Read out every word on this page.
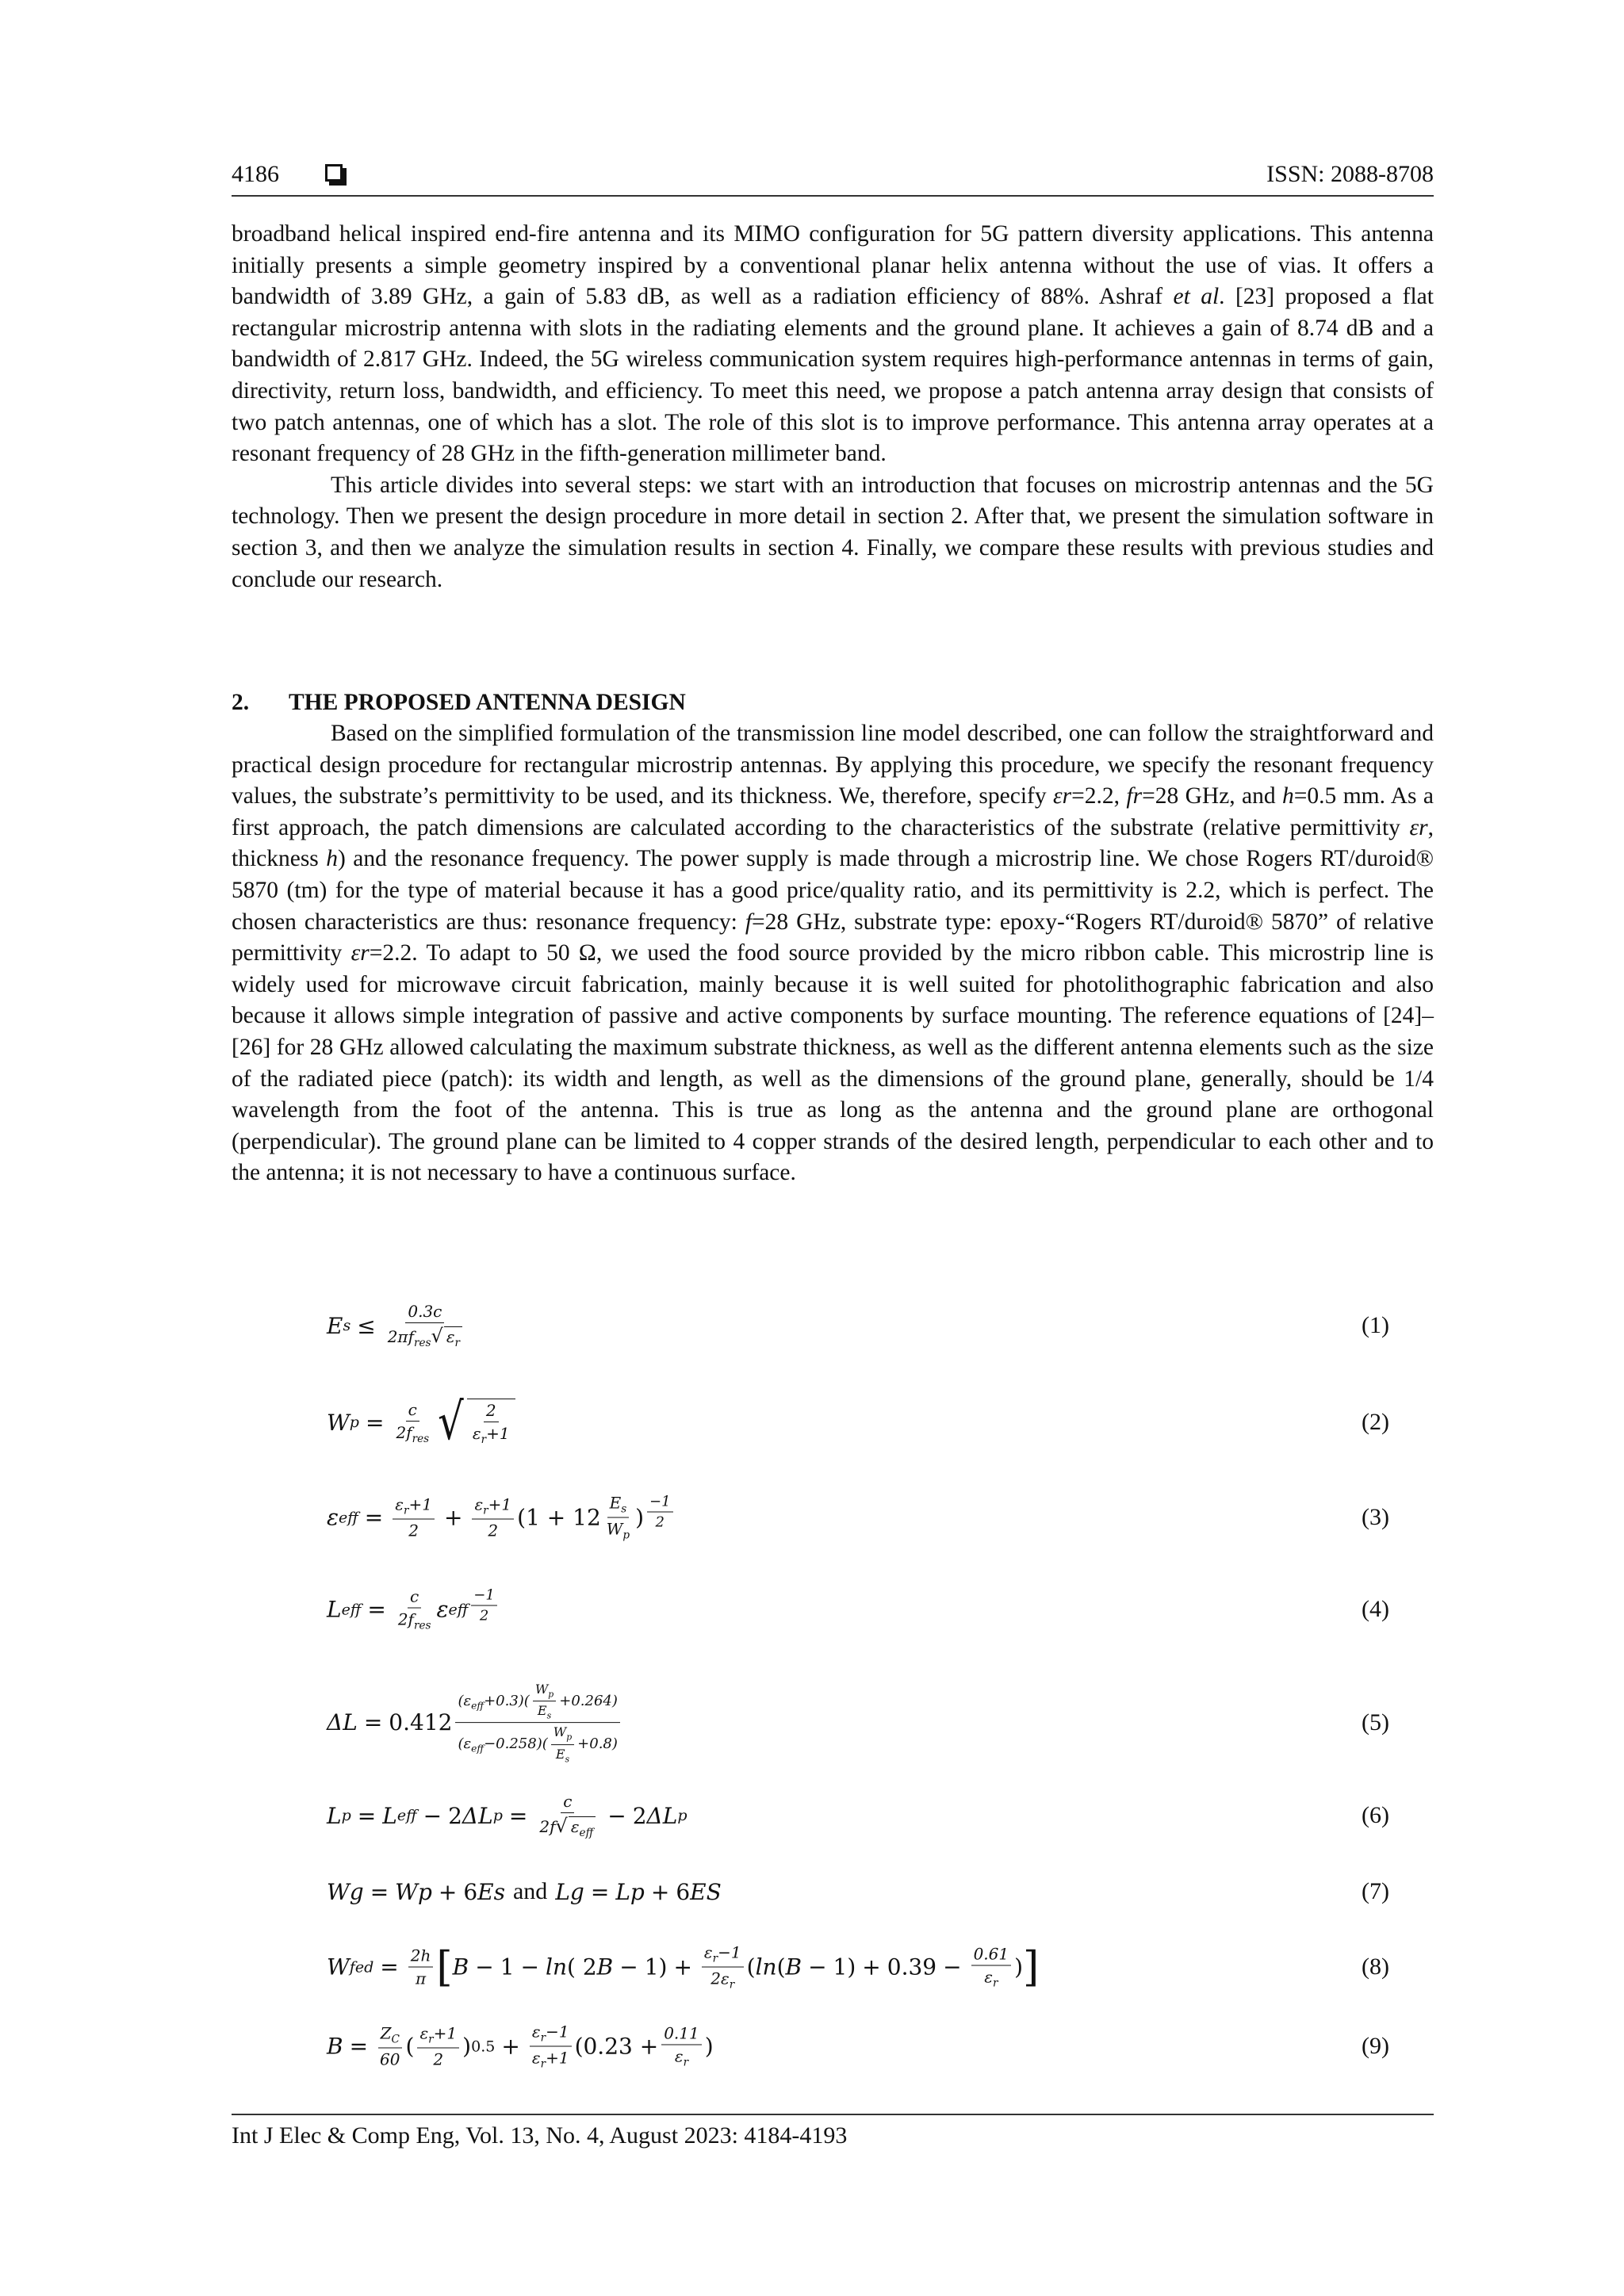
4186	ISSN: 2088-8708

broadband helical inspired end-fire antenna and its MIMO configuration for 5G pattern diversity applications. This antenna initially presents a simple geometry inspired by a conventional planar helix antenna without the use of vias. It offers a bandwidth of 3.89 GHz, a gain of 5.83 dB, as well as a radiation efficiency of 88%. Ashraf et al. [23] proposed a flat rectangular microstrip antenna with slots in the radiating elements and the ground plane. It achieves a gain of 8.74 dB and a bandwidth of 2.817 GHz. Indeed, the 5G wireless communication system requires high-performance antennas in terms of gain, directivity, return loss, bandwidth, and efficiency. To meet this need, we propose a patch antenna array design that consists of two patch antennas, one of which has a slot. The role of this slot is to improve performance. This antenna array operates at a resonant frequency of 28 GHz in the fifth-generation millimeter band.

This article divides into several steps: we start with an introduction that focuses on microstrip antennas and the 5G technology. Then we present the design procedure in more detail in section 2. After that, we present the simulation software in section 3, and then we analyze the simulation results in section 4. Finally, we compare these results with previous studies and conclude our research.

2. THE PROPOSED ANTENNA DESIGN

Based on the simplified formulation of the transmission line model described, one can follow the straightforward and practical design procedure for rectangular microstrip antennas. By applying this procedure, we specify the resonant frequency values, the substrate’s permittivity to be used, and its thickness. We, therefore, specify εr=2.2, fr=28 GHz, and h=0.5 mm. As a first approach, the patch dimensions are calculated according to the characteristics of the substrate (relative permittivity εr, thickness h) and the resonance frequency. The power supply is made through a microstrip line. We chose Rogers RT/duroid® 5870 (tm) for the type of material because it has a good price/quality ratio, and its permittivity is 2.2, which is perfect. The chosen characteristics are thus: resonance frequency: f=28 GHz, substrate type: epoxy-“Rogers RT/duroid® 5870” of relative permittivity εr=2.2. To adapt to 50 Ω, we used the food source provided by the micro ribbon cable. This microstrip line is widely used for microwave circuit fabrication, mainly because it is well suited for photolithographic fabrication and also because it allows simple integration of passive and active components by surface mounting. The reference equations of [24]–[26] for 28 GHz allowed calculating the maximum substrate thickness, as well as the different antenna elements such as the size of the radiated piece (patch): its width and length, as well as the dimensions of the ground plane, generally, should be 1/4 wavelength from the foot of the antenna. This is true as long as the antenna and the ground plane are orthogonal (perpendicular). The ground plane can be limited to 4 copper strands of the desired length, perpendicular to each other and to the antenna; it is not necessary to have a continuous surface.

E $s \le \frac{0.3c}{2\pi f_{res}√ \varepsilon_r}$	(1)
W $p = \frac{c}{2f_{res}}$ √ $\frac{2}{\varepsilon_r+1}$	(2)
ε eff = $\frac{\varepsilon_r+1}{2} + \frac{\varepsilon_r+1}{2} (1 + 12 \frac{E_s}{W_p}$ ) $\frac{-1}{2}$	(3)
L eff = $\frac{c}{2f_{res}}$ ε eff $\frac{-1}{2}$	(4)
$\Delta L = 0.412 \frac{(\varepsilon_{eff}+0.3)( \frac{W_p}{E_s} +0.264)}{(\varepsilon_{eff}-0.258)( \frac{W_p}{E_s} +0.8)}$	(5)
L p = L eff − 2 ΔL $p = \frac{c}{2f√ \varepsilon_{eff}} - 2$ ΔL p	(6)
Wg = Wp + 6 Es and Lg = Lp + 6 ES	(7)
W fed = $\frac{2h}{\pi}$ [ B − 1 − ln ( 2 $B - 1) + \frac{\varepsilon_r-1}{2\varepsilon_r}$ ( ln ( $B - 1) + 0.39 - \frac{0.61}{\varepsilon_r}$ ) ]	(8)
$B = \frac{Z_C}{60}$ ( $\frac{\varepsilon_r+1}{2}$ ) $0.5 + \frac{\varepsilon_r-1}{\varepsilon_r+1} (0.23 + \frac{0.11}{\varepsilon_r}$ )	(9)
Int J Elec & Comp Eng, Vol. 13, No. 4, August 2023: 4184-4193
